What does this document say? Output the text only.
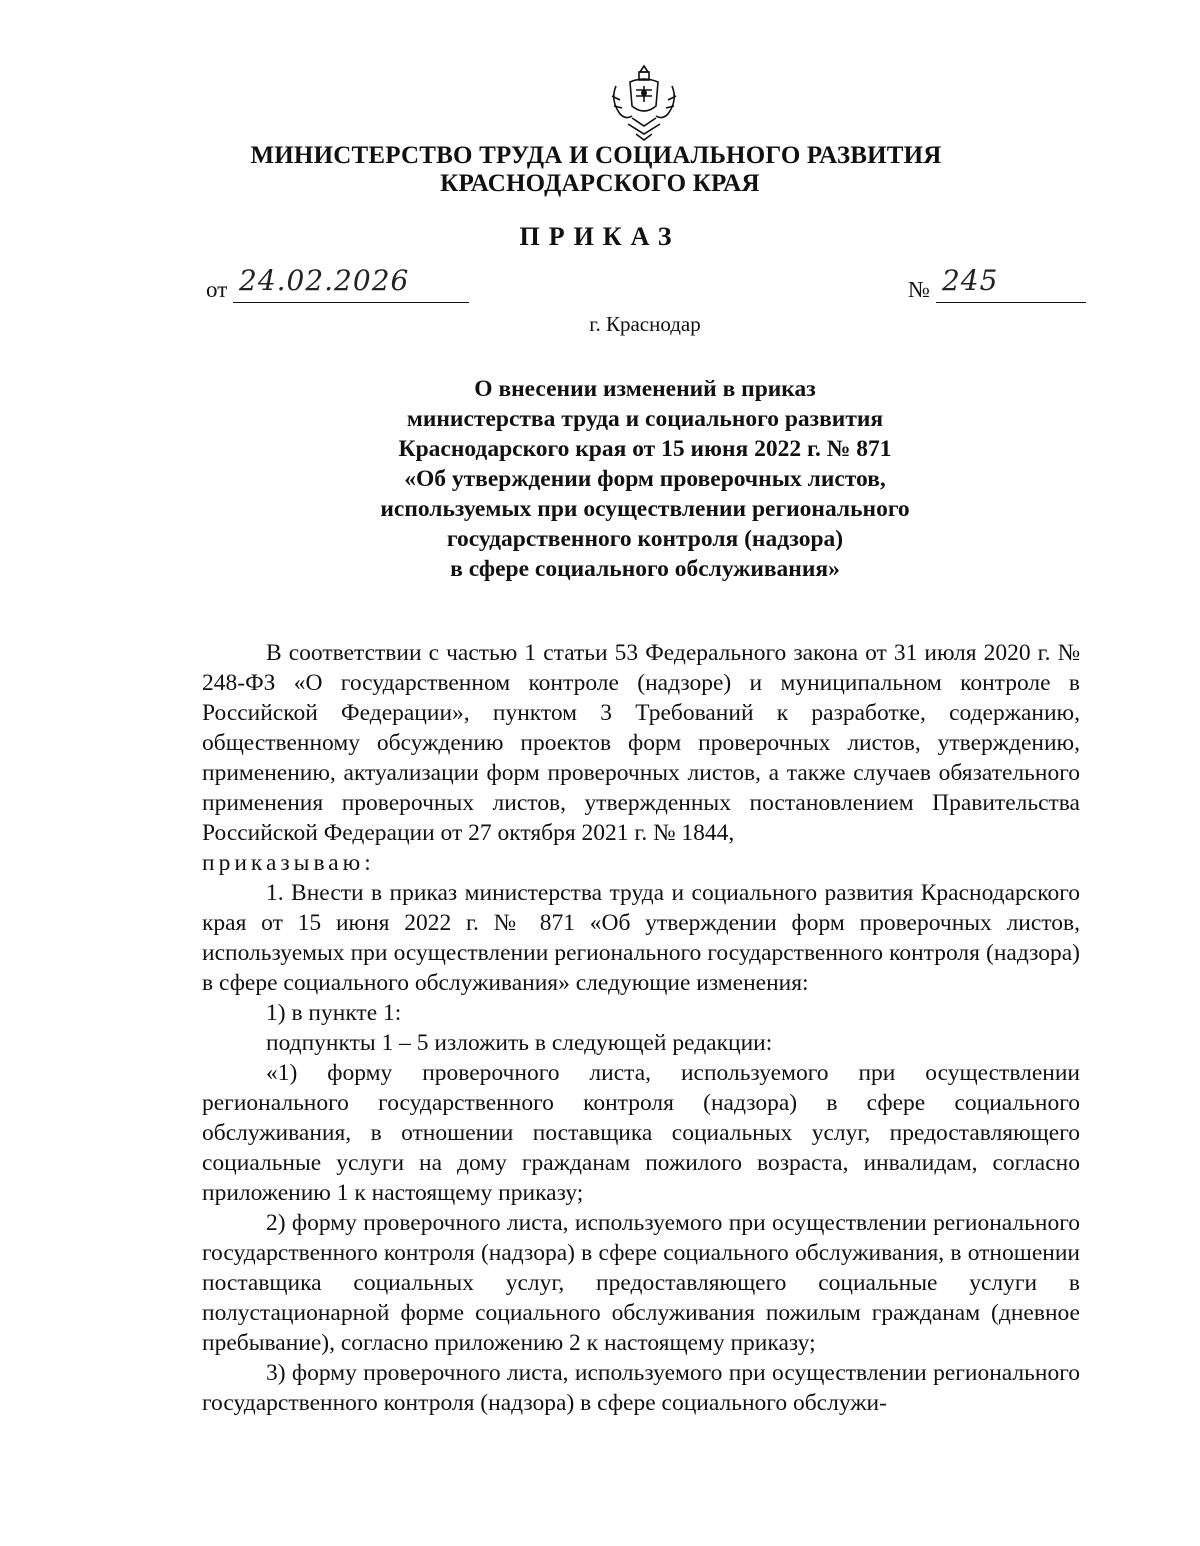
МИНИСТЕРСТВО ТРУДА И СОЦИАЛЬНОГО РАЗВИТИЯ
КРАСНОДАРСКОГО КРАЯ
ПРИКАЗ
от 24.02.2026	№ 245
г. Краснодар
О внесении изменений в приказ
министерства труда и социального развития
Краснодарского края от 15 июня 2022 г. № 871
«Об утверждении форм проверочных листов,
используемых при осуществлении регионального
государственного контроля (надзора)
в сфере социального обслуживания»

В соответствии с частью 1 статьи 53 Федерального закона от 31 июля 2020 г. № 248-ФЗ «О государственном контроле (надзоре) и муниципальном контроле в Российской Федерации», пунктом 3 Требований к разработке, содержанию, общественному обсуждению проектов форм проверочных листов, утверждению, применению, актуализации форм проверочных листов, а также случаев обязательного применения проверочных листов, утвержденных постановлением Правительства Российской Федерации от 27 октября 2021 г. № 1844,

приказываю:

1. Внести в приказ министерства труда и социального развития Краснодарского края от 15 июня 2022 г. № 871 «Об утверждении форм проверочных листов, используемых при осуществлении регионального государственного контроля (надзора) в сфере социального обслуживания» следующие изменения:

1) в пункте 1:

подпункты 1 – 5 изложить в следующей редакции:

«1) форму проверочного листа, используемого при осуществлении регионального государственного контроля (надзора) в сфере социального обслуживания, в отношении поставщика социальных услуг, предоставляющего социальные услуги на дому гражданам пожилого возраста, инвалидам, согласно приложению 1 к настоящему приказу;

2) форму проверочного листа, используемого при осуществлении регионального государственного контроля (надзора) в сфере социального обслуживания, в отношении поставщика социальных услуг, предоставляющего социальные услуги в полустационарной форме социального обслуживания пожилым гражданам (дневное пребывание), согласно приложению 2 к настоящему приказу;

3) форму проверочного листа, используемого при осуществлении регионального государственного контроля (надзора) в сфере социального обслужи-
